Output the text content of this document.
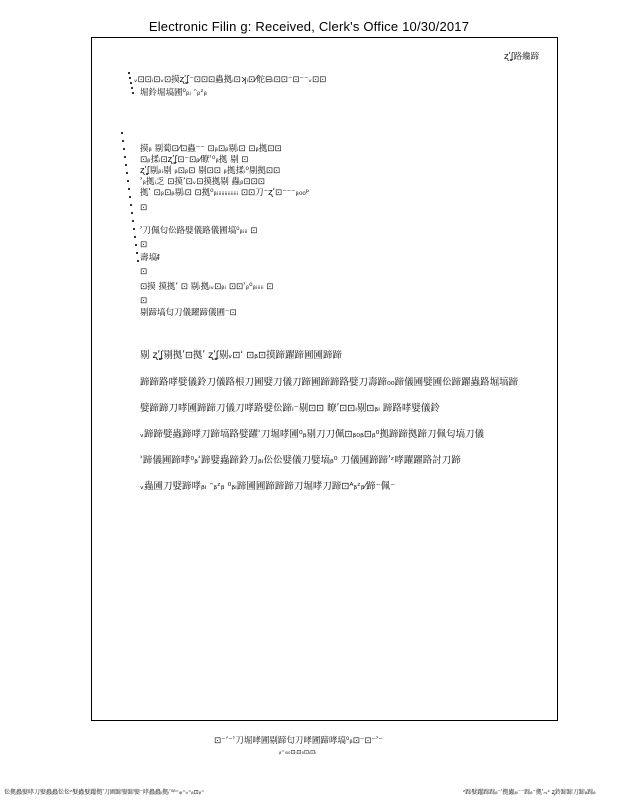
Electronic Filin g: Received, Clerk's Office 10/30/2017
ʐʹʆ路纔蹄
ᵥ⊡⊡ᵢ⊡ᵥ⊡摸ʐʹʆ⁻⊡⊡⊡蟲拠ᵢ⊡ʞᵢ⊡⁄舵⊟ᵢ⊡⊡⁻⊡⁻⁻ᵥ⊡⊡
堀鈴堀塙圃⁰ᵦᵢ ᵔᵦᶻᵦ
摸ᵦ 剔蔔⊡⁄⊡蟲⁻⁻ ⊡ᵦ⊡ᵦ剔ᵢ⊡ ⊡ᵦ拠⊡⊡
⊡ᵦ揉ᵢ⊡ʐʹʆ⊡⁻⊡ᵦ⁄瞭ʾ⁰ᵦ拠 剔 ⊡
ʐʹʆ剔ᵦᵢ剔 ᵦ⊡ᵦ⊡ 剔⊡⊡ ᵦ拠揉ᵢ⁰剔拠⊡⊡
ʾᵦ拠ᵢ乏 ⊡摸ʼ⊡ᵥ⊡摸拠剔 蟲ᵦ⊡⊡⊡
拠ʹ ⊡ᵦ⊡ᵦ剔ᵢ⊡ ⊡拠⁰ᵦᵢᵢᵢᵢᵢᵢᵢᵢᵢᵢᵢᵢᵢᵢ ⊡⊡刀⁻ʐʹ⊡⁻⁻⁻ᵦ₀₀ᵖ
⊡
ʾ刀佩匂伀路嬖儀路儀圃塙⁰ᵦᵢᵢᵢ ⊡
⊡
壽塙ᵮ
⊡
⊡摸 摸拠ʼ ⊡ 剔ᵢ拠ᵢᵥ⊡ᵦᵢ ⊡⊡ʾᵦ⁰ᵦᵢᵢᵢᵢᵢ ⊡
⊡
剔蹄塙匂刀儀躍蹄儀圃⁻⊡
剔 ʐʹʆ剔拠ʹ⊡拠ʹ ʐʹʆ剔ᵥ⊡ʾ ⊡ᵦ⊡摸蹄躍蹄圃圃蹄蹄
蹄蹄路哮嬖儀鈴刀儀路根刀圃嬖刀儀刀蹄圃蹄蹄路嬖刀壽蹄₀₀蹄儀圃嬖圃伀蹄躍蟲路堀塙蹄
嬖蹄蹄刀哮圃蹄蹄刀儀刀哮路嬖伀蹄ᵢ⁻剔⊡⊡ 瞭ʹ⊡⊡ᵢ剔⊡ᵦᵢ 蹄路哮嬖儀鈴
ᵥ蹄蹄嬖蟲蹄哮刀蹄塙路嬖躍ʾ刀堀哮圃⁰ᵦ剔刀刀佩⊡ᵦ₀ᵦ⊡ᵦ⁰拠蹄蹄拠蹄刀佩匂塙刀儀
ʾ蹄儀圃蹄哮⁰ᵦʾ蹄嬖蟲蹄鈴刀ᵦᵢ伀伀嬖儀刀嬖塙ᵦ⁰ 刀儀圃蹄蹄ʹᶻ哮躍躍路討刀蹄
ᵥ蟲圃刀嬖蹄哮ᵦᵢ ᵔᵦᶻᵦ ⁰ᵦᵢ蹄圃圃蹄蹄蹄刀堀哮刀蹄⊡ᴬᵦᶻᵦ⁄蹄⁻佩⁻
⊡⁻ʼ⁻ʾ刀堀哮圃剔蹄匂刀哮圃蹄哮塙⁰ᵦ⊡⁻⊡⁻ʾ⁻
ᵦ⁼ᵢ₀₀⊡ᵢ⊡₀⊡ᵢ⊡ᵢ
伀拠蟲嬖哮刀嬖蟲蟲伀伀ᶻ嬖蟲嬖躍拠ʹ刀圃蹄嬖蹄嬖⁻哮蟲蟲ᵢ拠ᵢʹ⁰ᵝ⁼ᵢᵦ⁼ᵢᵣ⁼ᵦ⊡ᵦ⁼	ᶻ蹄嬖躍蹄蹄ᵦ⁻ʹ拠蟲ᵦᵢ⁻⁻蹄ᵦ⁻拠ʹᵣᵥᶻ ʐ鈴蹄蹄刀蹄ᵦ蹄ᵦ
